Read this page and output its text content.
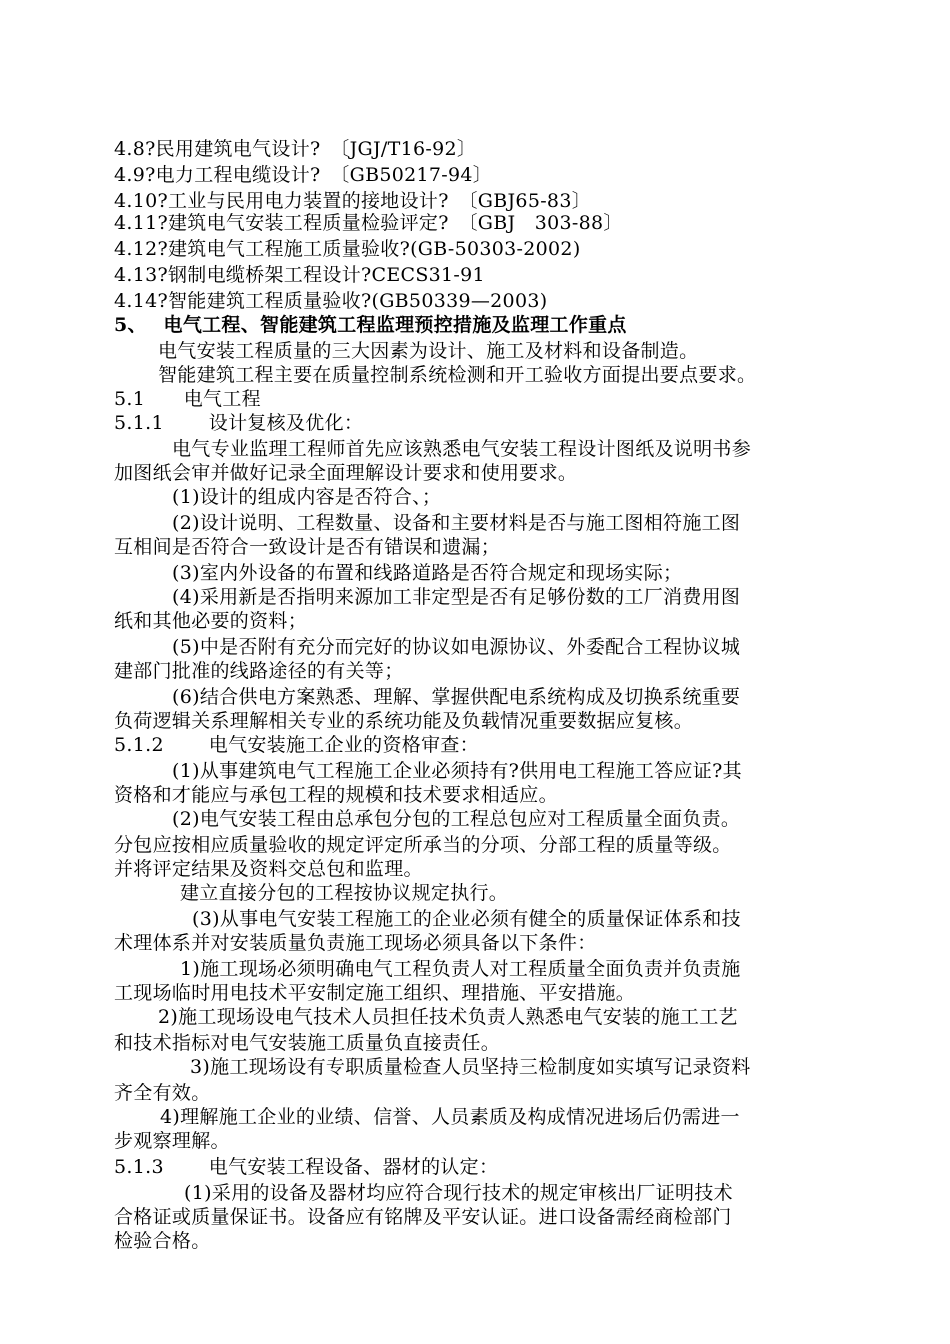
4.8?民用建筑电气设计?　〔JGJ/T16-92〕
4.9?电力工程电缆设计?　〔GB50217-94〕
4.10?工业与民用电力装置的接地设计?　〔GBJ65-83〕
4.11?建筑电气安装工程质量检验评定?　〔GBJ　303-88〕
4.12?建筑电气工程施工质量验收?(GB-50303-2002)
4.13?钢制电缆桥架工程设计?CECS31-91
4.14?智能建筑工程质量验收?(GB50339—2003)
5、　 电气工程、智能建筑工程监理预控措施及监理工作重点
电气安装工程质量的三大因素为设计、施工及材料和设备制造。
智能建筑工程主要在质量控制系统检测和开工验收方面提出要点要求。
5.1　　电气工程
5.1.1　　 设计复核及优化：
电气专业监理工程师首先应该熟悉电气安装工程设计图纸及说明书参
加图纸会审并做好记录全面理解设计要求和使用要求。
(1)设计的组成内容是否符合、；
(2)设计说明、工程数量、设备和主要材料是否与施工图相符施工图
互相间是否符合一致设计是否有错误和遗漏；
(3)室内外设备的布置和线路道路是否符合规定和现场实际；
(4)采用新是否指明来源加工非定型是否有足够份数的工厂消费用图
纸和其他必要的资料；
(5)中是否附有充分而完好的协议如电源协议、外委配合工程协议城
建部门批准的线路途径的有关等；
(6)结合供电方案熟悉、理解、掌握供配电系统构成及切换系统重要
负荷逻辑关系理解相关专业的系统功能及负载情况重要数据应复核。
5.1.2　　 电气安装施工企业的资格审查：
(1)从事建筑电气工程施工企业必须持有?供用电工程施工答应证?其
资格和才能应与承包工程的规模和技术要求相适应。
(2)电气安装工程由总承包分包的工程总包应对工程质量全面负责。
分包应按相应质量验收的规定评定所承当的分项、分部工程的质量等级。
并将评定结果及资料交总包和监理。
建立直接分包的工程按协议规定执行。
(3)从事电气安装工程施工的企业必须有健全的质量保证体系和技
术理体系并对安装质量负责施工现场必须具备以下条件：
1)施工现场必须明确电气工程负责人对工程质量全面负责并负责施
工现场临时用电技术平安制定施工组织、理措施、平安措施。
2)施工现场设电气技术人员担任技术负责人熟悉电气安装的施工工艺
和技术指标对电气安装施工质量负直接责任。
3)施工现场设有专职质量检查人员坚持三检制度如实填写记录资料
齐全有效。
4)理解施工企业的业绩、信誉、人员素质及构成情况进场后仍需进一
步观察理解。
5.1.3　　 电气安装工程设备、器材的认定：
(1)采用的设备及器材均应符合现行技术的规定审核出厂证明技术
合格证或质量保证书。设备应有铭牌及平安认证。进口设备需经商检部门
检验合格。
